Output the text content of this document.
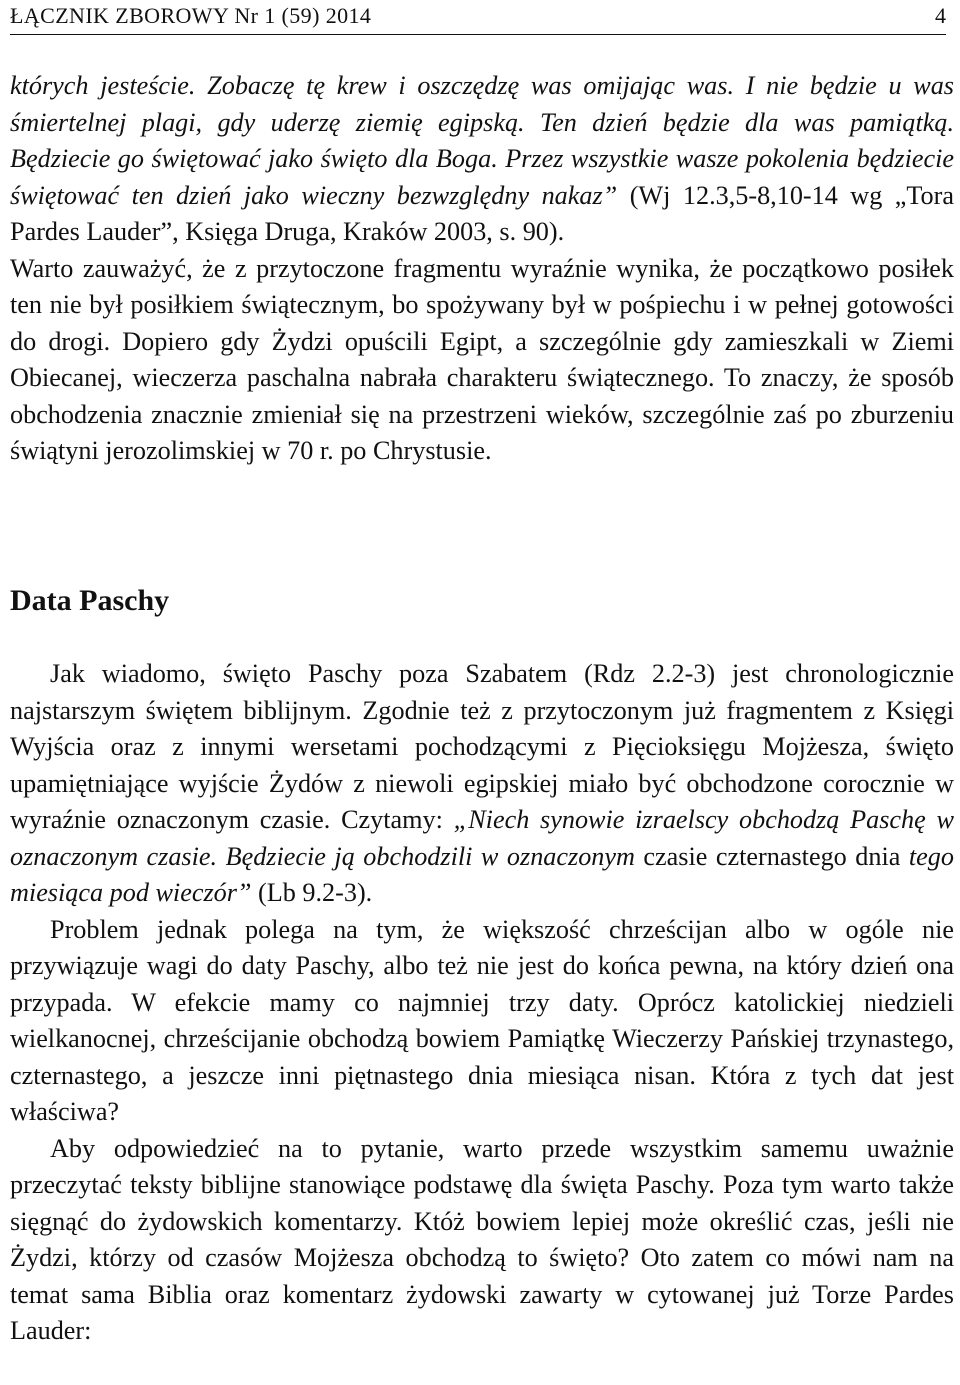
ŁĄCZNIK ZBOROWY Nr 1 (59) 2014	4

których jesteście. Zobaczę tę krew i oszczędzę was omijając was. I nie będzie u was śmiertelnej plagi, gdy uderzę ziemię egipską. Ten dzień będzie dla was pamiątką. Będziecie go świętować jako święto dla Boga. Przez wszystkie wasze pokolenia będziecie świętować ten dzień jako wieczny bezwzględny nakaz” (Wj 12.3,5-8,10-14 wg „Tora Pardes Lauder”, Księga Druga, Kraków 2003, s. 90).

Warto zauważyć, że z przytoczone fragmentu wyraźnie wynika, że początkowo posiłek ten nie był posiłkiem świątecznym, bo spożywany był w pośpiechu i w pełnej gotowości do drogi. Dopiero gdy Żydzi opuścili Egipt, a szczególnie gdy zamieszkali w Ziemi Obiecanej, wieczerza paschalna nabrała charakteru świątecznego. To znaczy, że sposób obchodzenia znacznie zmieniał się na przestrzeni wieków, szczególnie zaś po zburzeniu świątyni jerozolimskiej w 70 r. po Chrystusie.

Data Paschy

Jak wiadomo, święto Paschy poza Szabatem (Rdz 2.2-3) jest chronologicznie najstarszym świętem biblijnym. Zgodnie też z przytoczonym już fragmentem z Księgi Wyjścia oraz z innymi wersetami pochodzącymi z Pięcioksięgu Mojżesza, święto upamiętniające wyjście Żydów z niewoli egipskiej miało być obchodzone corocznie w wyraźnie oznaczonym czasie. Czytamy: „Niech synowie izraelscy obchodzą Paschę w oznaczonym czasie. Będziecie ją obchodzili w oznaczonym czasie czternastego dnia tego miesiąca pod wieczór” (Lb 9.2-3).

Problem jednak polega na tym, że większość chrześcijan albo w ogóle nie przywiązuje wagi do daty Paschy, albo też nie jest do końca pewna, na który dzień ona przypada. W efekcie mamy co najmniej trzy daty. Oprócz katolickiej niedzieli wielkanocnej, chrześcijanie obchodzą bowiem Pamiątkę Wieczerzy Pańskiej trzynastego, czternastego, a jeszcze inni piętnastego dnia miesiąca nisan. Która z tych dat jest właściwa?

Aby odpowiedzieć na to pytanie, warto przede wszystkim samemu uważnie przeczytać teksty biblijne stanowiące podstawę dla święta Paschy. Poza tym warto także sięgnąć do żydowskich komentarzy. Któż bowiem lepiej może określić czas, jeśli nie Żydzi, którzy od czasów Mojżesza obchodzą to święto? Oto zatem co mówi nam na temat sama Biblia oraz komentarz żydowski zawarty w cytowanej już Torze Pardes Lauder:
